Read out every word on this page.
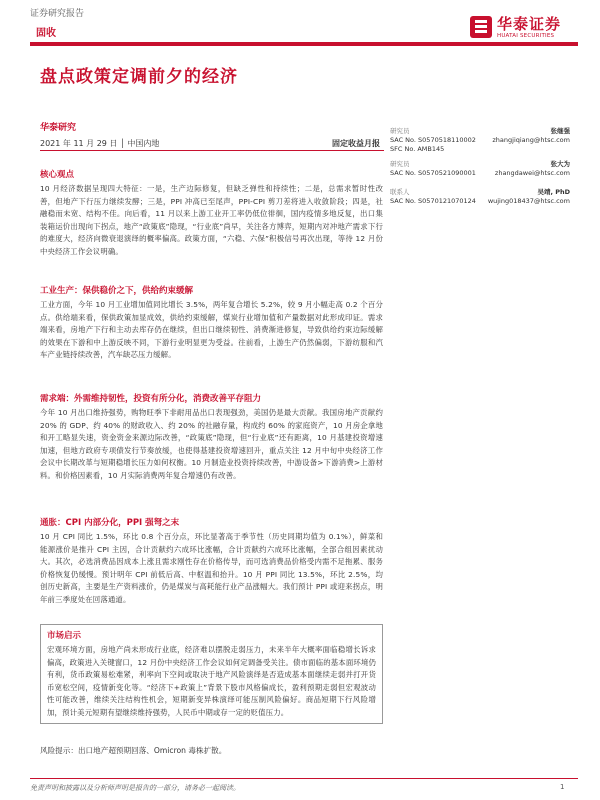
证券研究报告
固收
华泰证券
HUATAI SECURITIES
盘点政策定调前夕的经济
华泰研究
2021 年 11 月 29 日 │ 中国内地	固定收益月报
研究员	张继强
SAC No. S0570518110002
SFC No. AMB145
zhangjiqiang@htsc.com
研究员	张大为
SAC No. S0570521090001	zhangdawei@htsc.com
联系人	吴靖, PhD
SAC No. S0570121070124	wujing018437@htsc.com
核心观点
10 月经济数据呈现四大特征：一是，生产边际修复，但缺乏弹性和持续性；二是，总需求暂时性改善，但地产下行压力继续发酵；三是，PPI 冲高已至尾声，PPI-CPI 剪刀差将进入收敛阶段；四是，社融稳而未宽、结构不佳。向后看，11 月以来上游工业开工率仍低位徘徊，国内疫情多地反复，出口集装箱运价出现向下拐点，地产“政策底”隐现，“行业底”尚早，关注各方博弈，短期内对冲地产需求下行的难度大，经济向微衰退演绎的概率偏高。政策方面，“六稳、六保”积极信号再次出现，等待 12 月份中央经济工作会议明确。
工业生产：保供稳价之下，供给约束缓解
工业方面，今年 10 月工业增加值同比增长 3.5%，两年复合增长 5.2%，较 9 月小幅走高 0.2 个百分点。供给端来看，保供政策加显成效，供给约束缓解，煤炭行业增加值和产量数据对此形成印证。需求端来看，房地产下行和主动去库存仍在继续，但出口继续韧性、消费渐进修复，导致供给约束边际缓解的效果在下游和中上游反映不同，下游行业明显更为受益。往前看，上游生产仍然偏弱，下游纺服和汽车产业链持续改善，汽车缺芯压力缓解。
需求端：外需维持韧性，投资有所分化，消费改善平存阻力
今年 10 月出口维持强势，购物旺季下非耐用品出口表现强劲，美国仍是最大贡献。我国房地产贡献约 20% 的 GDP、约 40% 的财政收入、约 20% 的社融存量，构成约 60% 的家庭资产，10 月房企拿地和开工略显失速，资金资金来源边际改善，“政策底”隐现，但“行业底”还有距离，10 月基建投资增速加速，但地方政府专项债发行节奏放缓，也使得基建投资增速回升，重点关注 12 月中旬中央经济工作会议中长期改革与短期稳增长压力如何权衡。10 月制造业投资持续改善，中游设备>下游消费>上游材料。和价格因素看，10 月实际消费两年复合增速仍有改善。
通胀：CPI 内部分化，PPI 强弩之末
10 月 CPI 同比 1.5%，环比 0.8 个百分点，环比显著高于季节性（历史同期均值为 0.1%），鲜菜和能源涨价是推升 CPI 主因，合计贡献约六成环比涨幅，合计贡献约六成环比涨幅，全部合组因素扰动大。其次，必选消费品因成本上涨且需求刚性存在价格传导，而可选消费品价格受内需不足拖累、服务价格恢复仍缓慢。预计明年 CPI 前低后高、中枢温和抬升。10 月 PPI 同比 13.5%，环比 2.5%，均创历史新高，主要是生产资料涨价，仍是煤炭与高耗能行业产品涨幅大。我们预计 PPI 或迎来拐点，明年前三季度处在回落通道。
市场启示
宏观环境方面，房地产尚未形成行业底，经济难以摆脱走弱压力，未来半年大概率面临稳增长诉求偏高，政策进入关键窗口，12 月份中央经济工作会议如何定调备受关注。债市面临的基本面环境仍有利，货币政策易松难紧，利率向下空间或取决于地产风险演绎是否造成基本面继续走弱并打开货币宽松空间，疫情新变化等。“经济下+政策上”背景下股市风格偏成长，盈利预期走弱但宏观波动性可能改善，维续关注结构性机会，短期新变异株演绎可能压制风险偏好。商品短期下行风险增加，预计美元短期有望继续维持强势，人民币中期或存一定的贬值压力。
风险提示：出口地产超预期回落、Omicron 毒株扩散。
免责声明和披露以及分析师声明是报告的一部分，请务必一起阅读。	1
